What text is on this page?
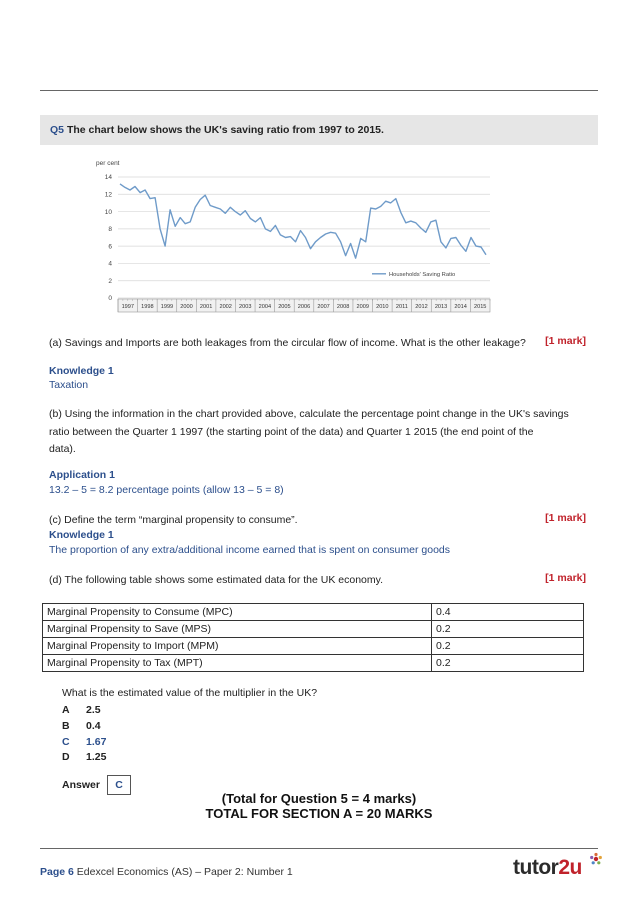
Q5 The chart below shows the UK's saving ratio from 1997 to 2015.
per cent
0
2
4
6
8
10
12
14
1997 1998 1999 2000 2001 2002 2003 2004 2005 2006 2007 2008 2009 2010 2011 2012 2013 2014 2015
Households' Saving Ratio
(a) Savings and Imports are both leakages from the circular flow of income. What is the other leakage? [1 mark]
Knowledge 1
Taxation
(b) Using the information in the chart provided above, calculate the percentage point change in the UK's savings
ratio between the Quarter 1 1997 (the starting point of the data) and Quarter 1 2015 (the end point of the
data).
Application 1
13.2 – 5 = 8.2 percentage points (allow 13 – 5 = 8)
(c) Define the term “marginal propensity to consume”.	[1 mark]
Knowledge 1
The proportion of any extra/additional income earned that is spent on consumer goods
(d) The following table shows some estimated data for the UK economy.	[1 mark]
Marginal Propensity to Consume (MPC)	0.4
Marginal Propensity to Save (MPS)	0.2
Marginal Propensity to Import (MPM)	0.2
Marginal Propensity to Tax (MPT)	0.2
What is the estimated value of the multiplier in the UK?
A 2.5
B 0.4
C 1.67
D 1.25
Answer	C
(Total for Question 5 = 4 marks)
TOTAL FOR SECTION A = 20 MARKS
Page 6 Edexcel Economics (AS) – Paper 2: Number 1	tutor2u
